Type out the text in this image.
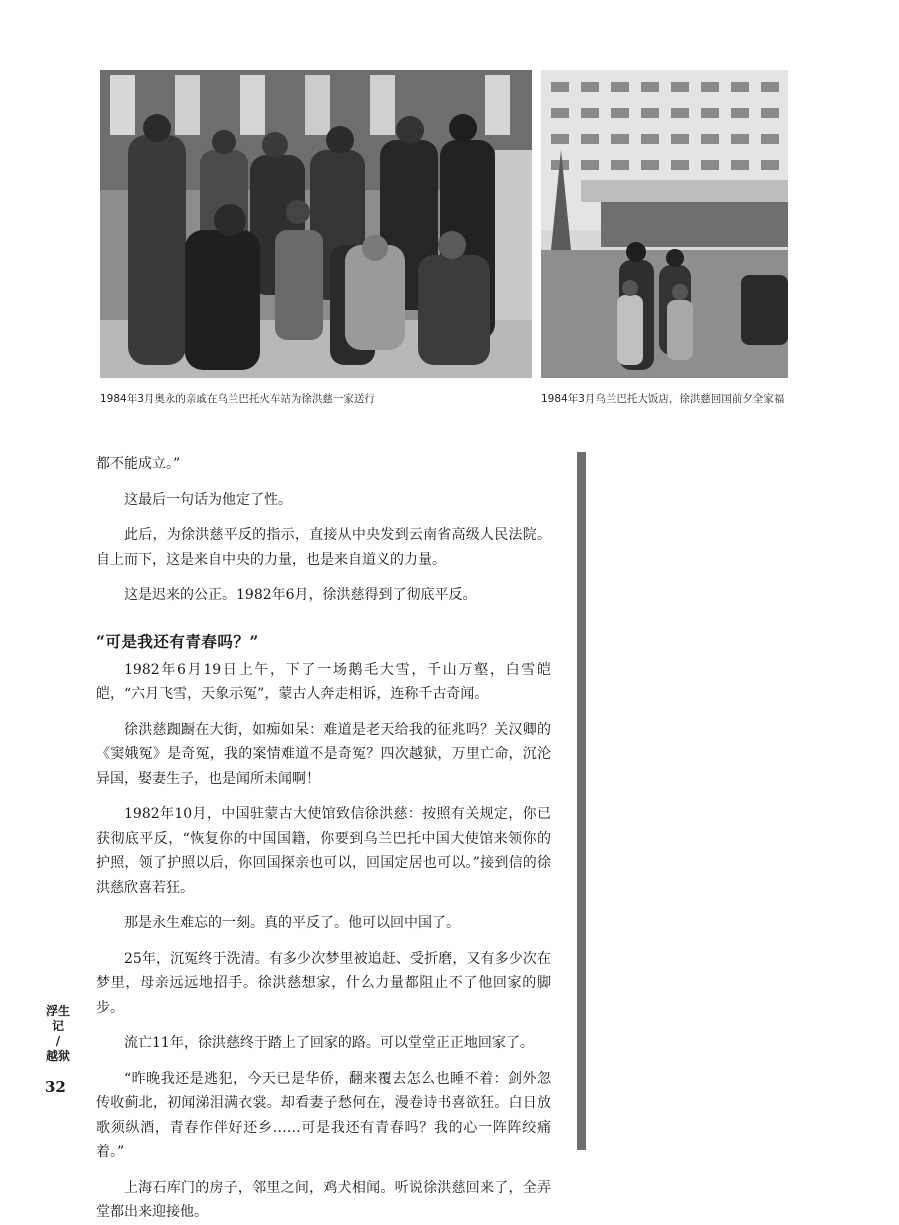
1984年3月奥永的亲戚在乌兰巴托火车站为徐洪慈一家送行	1984年3月乌兰巴托大饭店，徐洪慈回国前夕全家福

都不能成立。”

这最后一句话为他定了性。

此后，为徐洪慈平反的指示，直接从中央发到云南省高级人民法院。自上而下，这是来自中央的力量，也是来自道义的力量。

这是迟来的公正。1982年6月，徐洪慈得到了彻底平反。

“可是我还有青春吗？”

1982年6月19日上午，下了一场鹅毛大雪，千山万壑，白雪皑皑，“六月飞雪，天象示冤”，蒙古人奔走相诉，连称千古奇闻。

徐洪慈踟蹰在大街，如痴如呆：难道是老天给我的征兆吗？关汉卿的《窦娥冤》是奇冤，我的案情难道不是奇冤？四次越狱，万里亡命，沉沦异国，娶妻生子，也是闻所未闻啊！

1982年10月，中国驻蒙古大使馆致信徐洪慈：按照有关规定，你已获彻底平反，“恢复你的中国国籍，你要到乌兰巴托中国大使馆来领你的护照，领了护照以后，你回国探亲也可以，回国定居也可以。”接到信的徐洪慈欣喜若狂。

那是永生难忘的一刻。真的平反了。他可以回中国了。

25年，沉冤终于洗清。有多少次梦里被追赶、受折磨，又有多少次在梦里，母亲远远地招手。徐洪慈想家，什么力量都阻止不了他回家的脚步。

流亡11年，徐洪慈终于踏上了回家的路。可以堂堂正正地回家了。

“昨晚我还是逃犯，今天已是华侨，翻来覆去怎么也睡不着：剑外忽传收蓟北，初闻涕泪满衣裳。却看妻子愁何在，漫卷诗书喜欲狂。白日放歌须纵酒，青春作伴好还乡……可是我还有青春吗？我的心一阵阵绞痛着。”

上海石库门的房子，邻里之间，鸡犬相闻。听说徐洪慈回来了，全弄堂都出来迎接他。

浮生记
/
越狱
32
